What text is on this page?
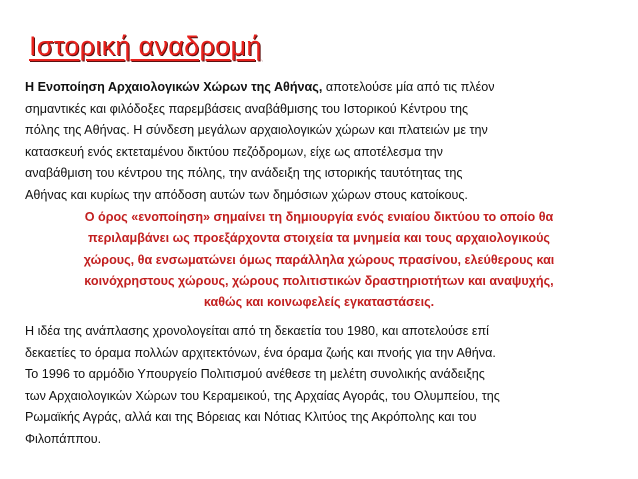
Ιστορική αναδρομή
Η Ενοποίηση Αρχαιολογικών Χώρων της Αθήνας, αποτελούσε μία από τις πλέον
σημαντικές και φιλόδοξες παρεμβάσεις αναβάθμισης του Ιστορικού Κέντρου της
πόλης της Αθήνας. Η σύνδεση μεγάλων αρχαιολογικών χώρων και πλατειών με την
κατασκευή ενός εκτεταμένου δικτύου πεζόδρομων, είχε ως αποτέλεσμα την
αναβάθμιση του κέντρου της πόλης, την ανάδειξη της ιστορικής ταυτότητας της
Αθήνας και κυρίως την απόδοση αυτών των δημόσιων χώρων στους κατοίκους.
Ο όρος «ενοποίηση» σημαίνει τη δημιουργία ενός ενιαίου δικτύου το οποίο θα
περιλαμβάνει ως προεξάρχοντα στοιχεία τα μνημεία και τους αρχαιολογικούς
χώρους, θα ενσωματώνει όμως παράλληλα χώρους πρασίνου, ελεύθερους και
κοινόχρηστους χώρους, χώρους πολιτιστικών δραστηριοτήτων και αναψυχής,
καθώς και κοινωφελείς εγκαταστάσεις.
Η ιδέα της ανάπλασης χρονολογείται από τη δεκαετία του 1980, και αποτελούσε επί
δεκαετίες το όραμα πολλών αρχιτεκτόνων, ένα όραμα ζωής και πνοής για την Αθήνα.
Το 1996 το αρμόδιο Υπουργείο Πολιτισμού ανέθεσε τη μελέτη συνολικής ανάδειξης
των Αρχαιολογικών Χώρων του Κεραμεικού, της Αρχαίας Αγοράς, του Ολυμπείου, της
Ρωμαϊκής Αγράς, αλλά και της Βόρειας και Νότιας Κλιτύος της Ακρόπολης και του
Φιλοπάππου.
